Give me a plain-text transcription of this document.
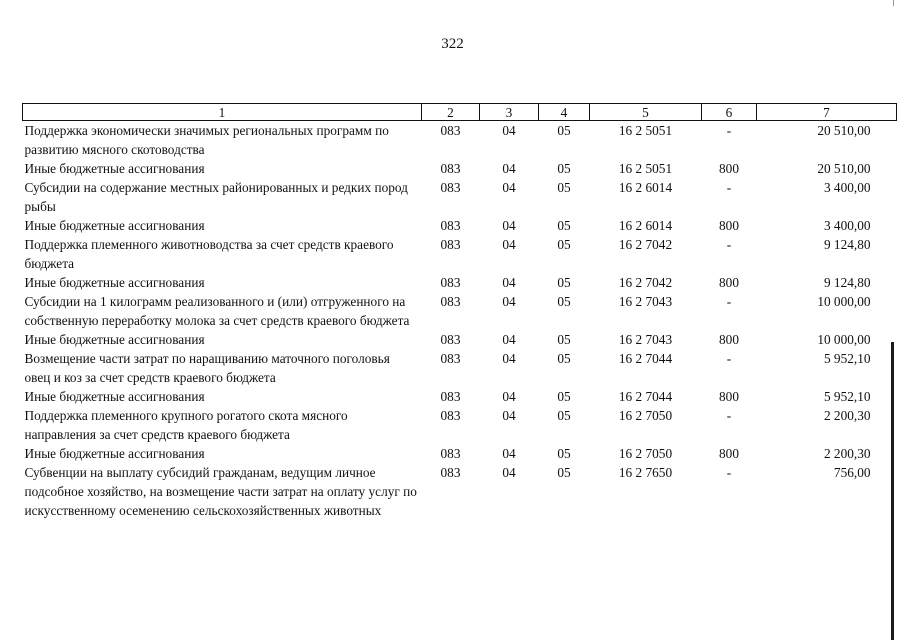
322
1	2	3	4	5	6	7
Поддержка экономически значимых региональных программ по развитию мясного скотоводства	083	04	05	16 2 5051	-	20 510,00
Иные бюджетные ассигнования	083	04	05	16 2 5051	800	20 510,00
Субсидии на содержание местных районированных и редких пород рыбы	083	04	05	16 2 6014	-	3 400,00
Иные бюджетные ассигнования	083	04	05	16 2 6014	800	3 400,00
Поддержка племенного животноводства за счет средств краевого бюджета	083	04	05	16 2 7042	-	9 124,80
Иные бюджетные ассигнования	083	04	05	16 2 7042	800	9 124,80
Субсидии на 1 килограмм реализованного и (или) отгруженного на собственную переработку молока за счет средств краевого бюджета	083	04	05	16 2 7043	-	10 000,00
Иные бюджетные ассигнования	083	04	05	16 2 7043	800	10 000,00
Возмещение части затрат по наращиванию маточного поголовья овец и коз за счет средств краевого бюджета	083	04	05	16 2 7044	-	5 952,10
Иные бюджетные ассигнования	083	04	05	16 2 7044	800	5 952,10
Поддержка племенного крупного рогатого скота мясного направления за счет средств краевого бюджета	083	04	05	16 2 7050	-	2 200,30
Иные бюджетные ассигнования	083	04	05	16 2 7050	800	2 200,30
Субвенции на выплату субсидий гражданам, ведущим личное подсобное хозяйство, на возмещение части затрат на оплату услуг по искусственному осеменению сельскохозяйственных животных	083	04	05	16 2 7650	-	756,00
